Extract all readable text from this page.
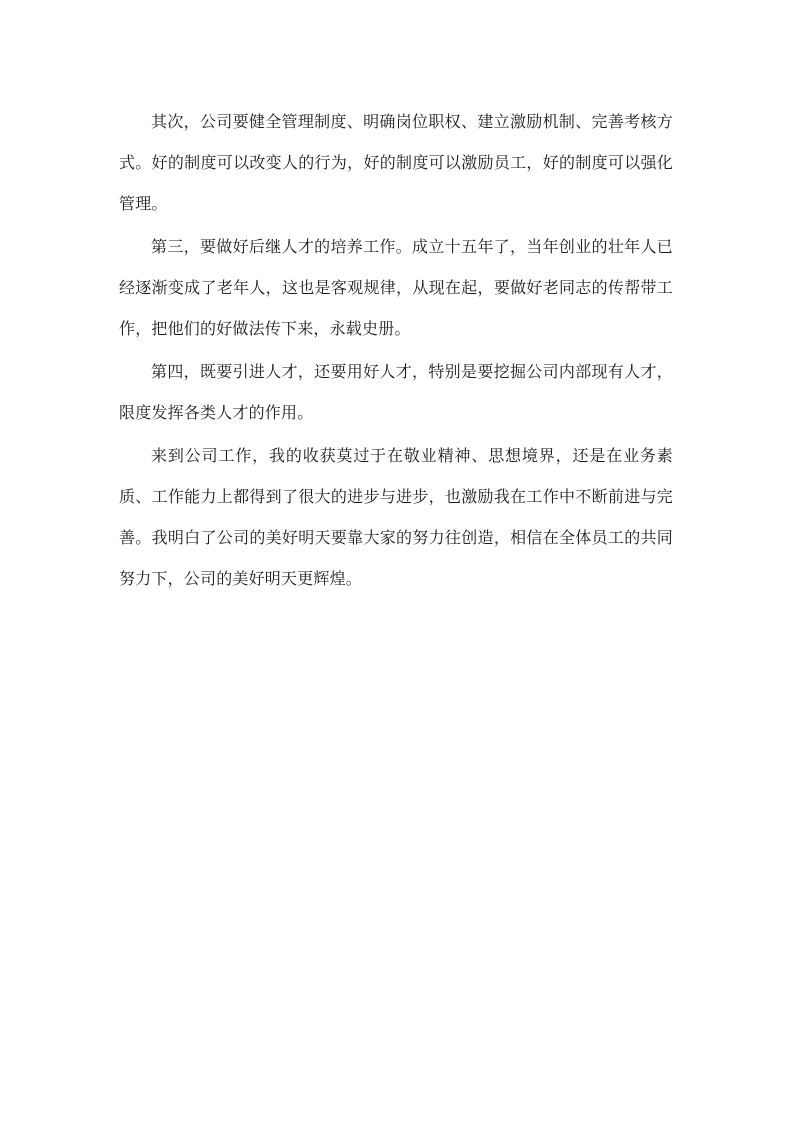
其次，公司要健全管理制度、明确岗位职权、建立激励机制、完善考核方式。好的制度可以改变人的行为，好的制度可以激励员工，好的制度可以强化管理。

第三，要做好后继人才的培养工作。成立十五年了，当年创业的壮年人已经逐渐变成了老年人，这也是客观规律，从现在起，要做好老同志的传帮带工作，把他们的好做法传下来，永载史册。

第四，既要引进人才，还要用好人才，特别是要挖掘公司内部现有人才，限度发挥各类人才的作用。

来到公司工作，我的收获莫过于在敬业精神、思想境界，还是在业务素质、工作能力上都得到了很大的进步与进步，也激励我在工作中不断前进与完善。我明白了公司的美好明天要靠大家的努力往创造，相信在全体员工的共同努力下，公司的美好明天更辉煌。
